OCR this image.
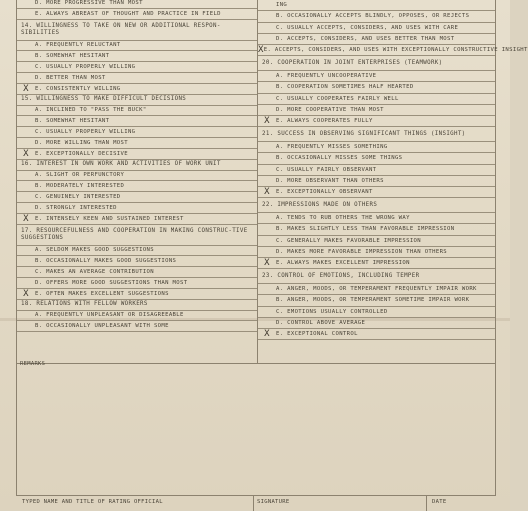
D. MORE PROGRESSIVE THAN MOST
E. ALWAYS ABREAST OF THOUGHT AND PRACTICE IN FIELD
14. WILLINGNESS TO TAKE ON NEW OR ADDITIONAL RESPON-SIBILITIES
A. FREQUENTLY RELUCTANT
B. SOMEWHAT HESITANT
C. USUALLY PROPERLY WILLING
D. BETTER THAN MOST
X	E. CONSISTENTLY WILLING
15. WILLINGNESS TO MAKE DIFFICULT DECISIONS
A. INCLINED TO "PASS THE BUCK"
B. SOMEWHAT HESITANT
C. USUALLY PROPERLY WILLING
D. MORE WILLING THAN MOST
X	E. EXCEPTIONALLY DECISIVE
16. INTEREST IN OWN WORK AND ACTIVITIES OF WORK UNIT
A. SLIGHT OR PERFUNCTORY
B. MODERATELY INTERESTED
C. GENUINELY INTERESTED
D. STRONGLY INTERESTED
X	E. INTENSELY KEEN AND SUSTAINED INTEREST
17. RESOURCEFULNESS AND COOPERATION IN MAKING CONSTRUC-TIVE SUGGESTIONS
A. SELDOM MAKES GOOD SUGGESTIONS
B. OCCASIONALLY MAKES GOOD SUGGESTIONS
C. MAKES AN AVERAGE CONTRIBUTION
D. OFFERS MORE GOOD SUGGESTIONS THAN MOST
X	E. OFTEN MAKES EXCELLENT SUGGESTIONS
18. RELATIONS WITH FELLOW WORKERS
A. FREQUENTLY UNPLEASANT OR DISAGREEABLE
B. OCCASIONALLY UNPLEASANT WITH SOME
ING
B. OCCASIONALLY ACCEPTS BLINDLY, OPPOSES, OR REJECTS
C. USUALLY ACCEPTS, CONSIDERS, AND USES WITH CARE
D. ACCEPTS, CONSIDERS, AND USES BETTER THAN MOST
X E. ACCEPTS, CONSIDERS, AND USES WITH EXCEPTIONALLY CONSTRUCTIVE INSIGHT
20. COOPERATION IN JOINT ENTERPRISES (TEAMWORK)
A. FREQUENTLY UNCOOPERATIVE
B. COOPERATION SOMETIMES HALF HEARTED
C. USUALLY COOPERATES FAIRLY WELL
D. MORE COOPERATIVE THAN MOST
X	E. ALWAYS COOPERATES FULLY
21. SUCCESS IN OBSERVING SIGNIFICANT THINGS (INSIGHT)
A. FREQUENTLY MISSES SOMETHING
B. OCCASIONALLY MISSES SOME THINGS
C. USUALLY FAIRLY OBSERVANT
D. MORE OBSERVANT THAN OTHERS
X	E. EXCEPTIONALLY OBSERVANT
22. IMPRESSIONS MADE ON OTHERS
A. TENDS TO RUB OTHERS THE WRONG WAY
B. MAKES SLIGHTLY LESS THAN FAVORABLE IMPRESSION
C. GENERALLY MAKES FAVORABLE IMPRESSION
D. MAKES MORE FAVORABLE IMPRESSION THAN OTHERS
X	E. ALWAYS MAKES EXCELLENT IMPRESSION
23. CONTROL OF EMOTIONS, INCLUDING TEMPER
A. ANGER, MOODS, OR TEMPERAMENT FREQUENTLY IMPAIR WORK
B. ANGER, MOODS, OR TEMPERAMENT SOMETIME IMPAIR WORK
C. EMOTIONS USUALLY CONTROLLED
D. CONTROL ABOVE AVERAGE
X	E. EXCEPTIONAL CONTROL
REMARKS
TYPED NAME AND TITLE OF RATING OFFICIAL	SIGNATURE	DATE
